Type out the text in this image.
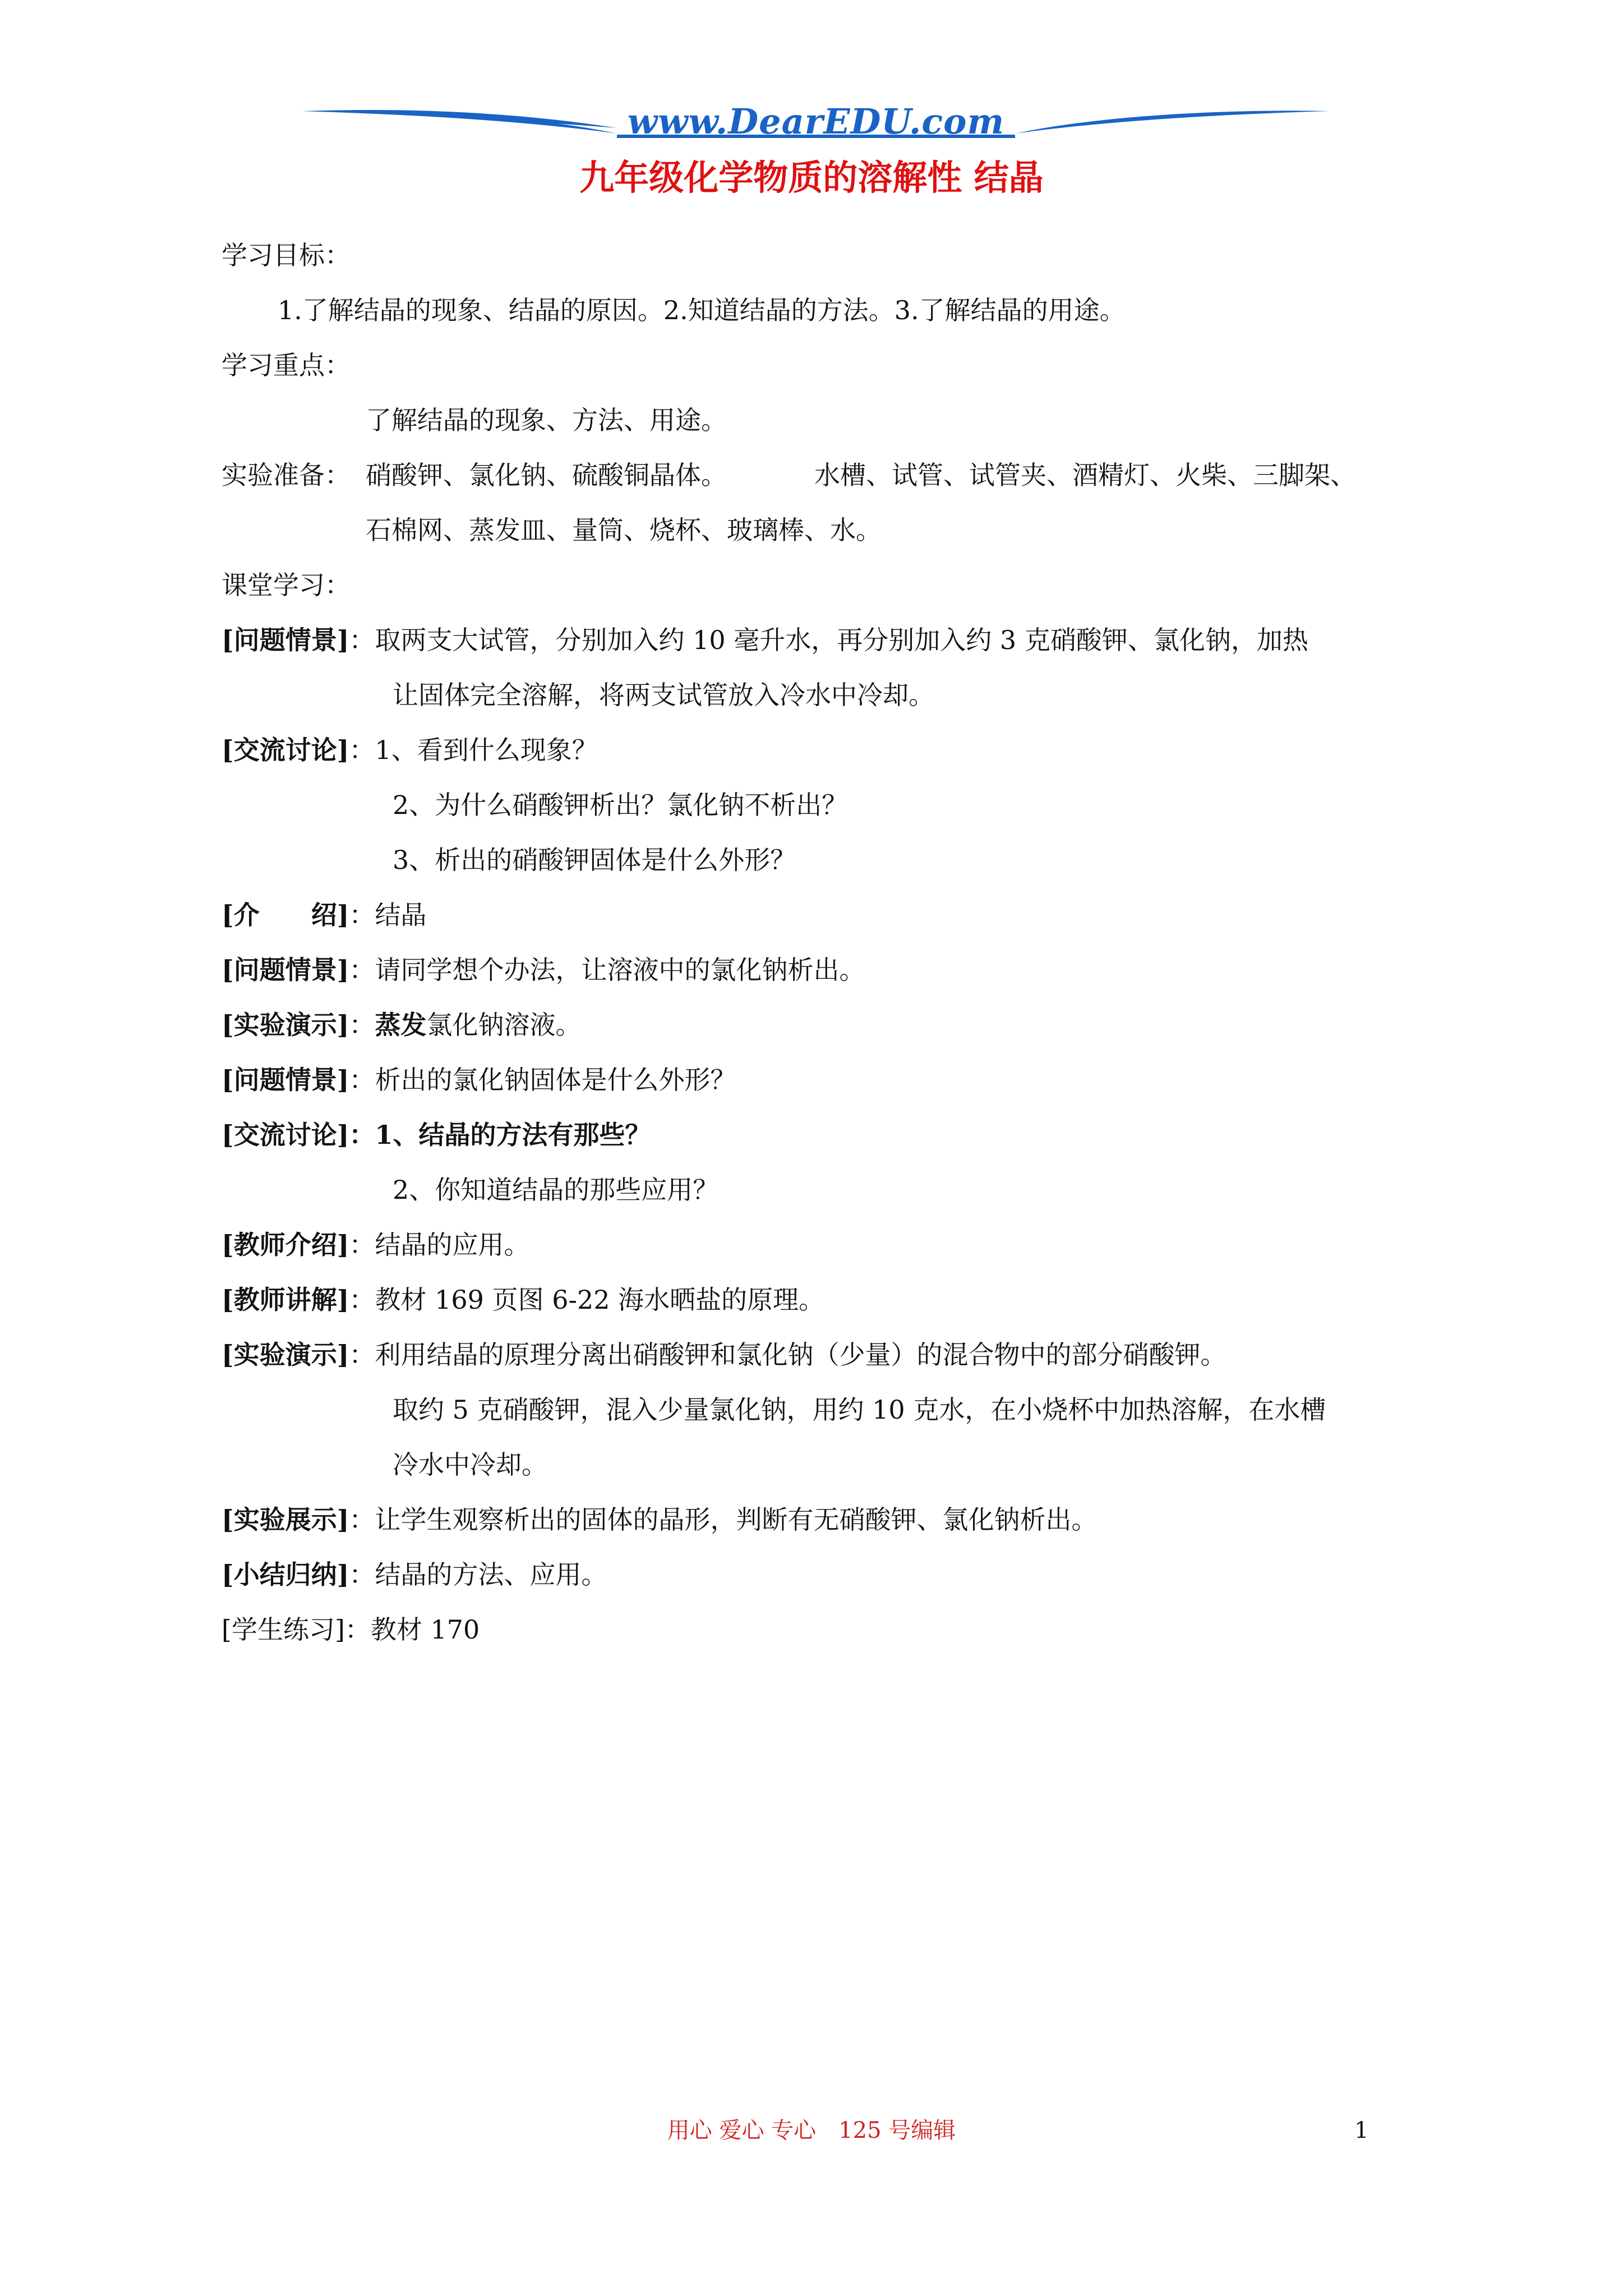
www.DearEDU.com
九年级化学物质的溶解性 结晶
学习目标：
1.了解结晶的现象、结晶的原因。2.知道结晶的方法。3.了解结晶的用途。
学习重点：
了解结晶的现象、方法、用途。
实验准备： 硝酸钾、氯化钠、硫酸铜晶体。	水槽、试管、试管夹、酒精灯、火柴、三脚架、
石棉网、蒸发皿、量筒、烧杯、玻璃棒、水。
课堂学习：
[问题情景]：取两支大试管，分别加入约 10 毫升水，再分别加入约 3 克硝酸钾、氯化钠，加热
让固体完全溶解，将两支试管放入冷水中冷却。
[交流讨论]：1、看到什么现象？
2、为什么硝酸钾析出？氯化钠不析出？
3、析出的硝酸钾固体是什么外形？
[介　　绍]：结晶
[问题情景]：请同学想个办法，让溶液中的氯化钠析出。
[实验演示]：蒸发氯化钠溶液。
[问题情景]：析出的氯化钠固体是什么外形？
[交流讨论]：1、结晶的方法有那些？
2、你知道结晶的那些应用？
[教师介绍]：结晶的应用。
[教师讲解]：教材 169 页图 6-22 海水晒盐的原理。
[实验演示]：利用结晶的原理分离出硝酸钾和氯化钠（少量）的混合物中的部分硝酸钾。
取约 5 克硝酸钾，混入少量氯化钠，用约 10 克水，在小烧杯中加热溶解，在水槽
冷水中冷却。
[实验展示]：让学生观察析出的固体的晶形，判断有无硝酸钾、氯化钠析出。
[小结归纳]：结晶的方法、应用。
[学生练习]：教材 170
用心 爱心 专心　125 号编辑	1
